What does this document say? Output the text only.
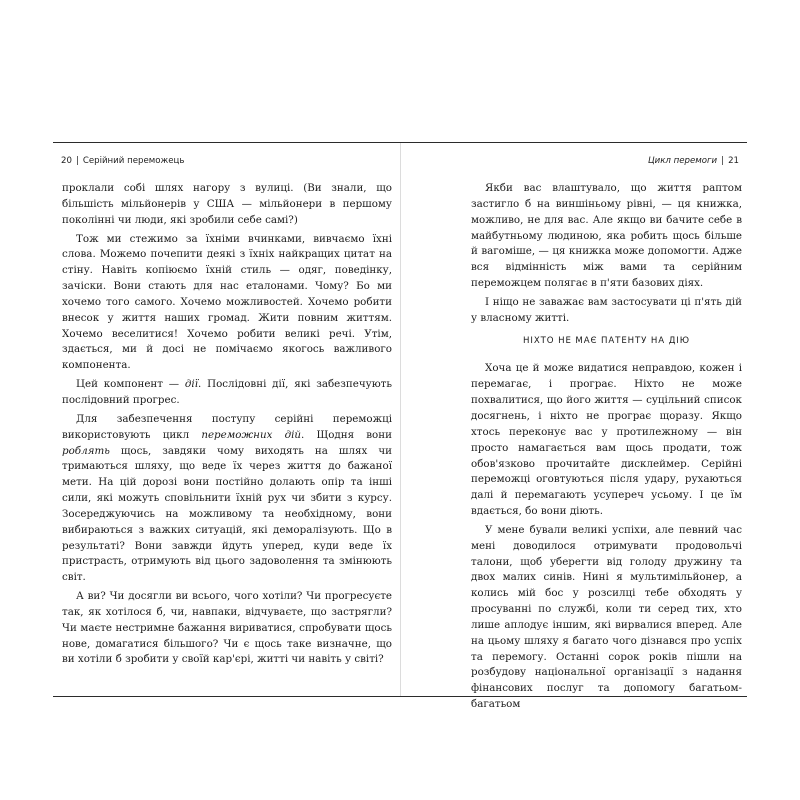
20 | Серійний переможець

проклали собі шлях нагору з вулиці. (Ви знали, що більшість мільйонерів у США — мільйонери в першому поколінні чи люди, які зробили себе самі?)

Тож ми стежимо за їхніми вчинками, вивчаємо їхні слова. Можемо почепити деякі з їхніх найкращих цитат на стіну. Навіть копіюємо їхній стиль — одяг, поведінку, зачіски. Вони стають для нас еталонами. Чому? Бо ми хочемо того самого. Хочемо можливостей. Хочемо робити внесок у життя наших громад. Жити повним життям. Хочемо веселитися! Хочемо робити великі речі. Утім, здається, ми й досі не помічаємо якогось важливого компонента.

Цей компонент — дії. Послідовні дії, які забезпечують послідовний прогрес.

Для забезпечення поступу серійні переможці використовують цикл переможних дій. Щодня вони роблять щось, завдяки чому виходять на шлях чи тримаються шляху, що веде їх через життя до бажаної мети. На цій дорозі вони постійно долають опір та інші сили, які можуть сповільнити їхній рух чи збити з курсу. Зосереджуючись на можливому та необхідному, вони вибираються з важких ситуацій, які деморалізують. Що в результаті? Вони завжди йдуть уперед, куди веде їх пристрасть, отримують від цього задоволення та змінюють світ.

А ви? Чи досягли ви всього, чого хотіли? Чи прогресуєте так, як хотілося б, чи, навпаки, відчуваєте, що застрягли? Чи маєте нестримне бажання вириватися, спробувати щось нове, домагатися більшого? Чи є щось таке визначне, що ви хотіли б зробити у своїй кар'єрі, житті чи навіть у світі?

Цикл перемоги | 21

Якби вас влаштувало, що життя раптом застигло б на виншіньому рівні, — ця книжка, можливо, не для вас. Але якщо ви бачите себе в майбутньому людиною, яка робить щось більше й вагоміше, — ця книжка може допомогти. Адже вся відмінність між вами та серійним переможцем полягає в п'яти базових діях.

І ніщо не заважає вам застосувати ці п'ять дій у власному житті.

НІХТО НЕ МАЄ ПАТЕНТУ НА ДІЮ

Хоча це й може видатися неправдою, кожен і перемагає, і програє. Ніхто не може похвалитися, що його життя — суцільний список досягнень, і ніхто не програє щоразу. Якщо хтось переконує вас у протилежному — він просто намагається вам щось продати, тож обов'язково прочитайте дисклеймер. Серійні переможці оговтуються після удару, рухаються далі й перемагають усупереч усьому. І це їм вдається, бо вони діють.

У мене бували великі успіхи, але певний час мені доводилося отримувати продовольчі талони, щоб уберегти від голоду дружину та двох малих синів. Нині я мультимільйонер, а колись мій бос у розсилці тебе обходять у просуванні по службі, коли ти серед тих, хто лише аплодує іншим, які вирвалися вперед. Але на цьому шляху я багато чого дізнався про успіх та перемогу. Останні сорок років пішли на розбудову національної організації з надання фінансових послуг та допомогу багатьом-багатьом
